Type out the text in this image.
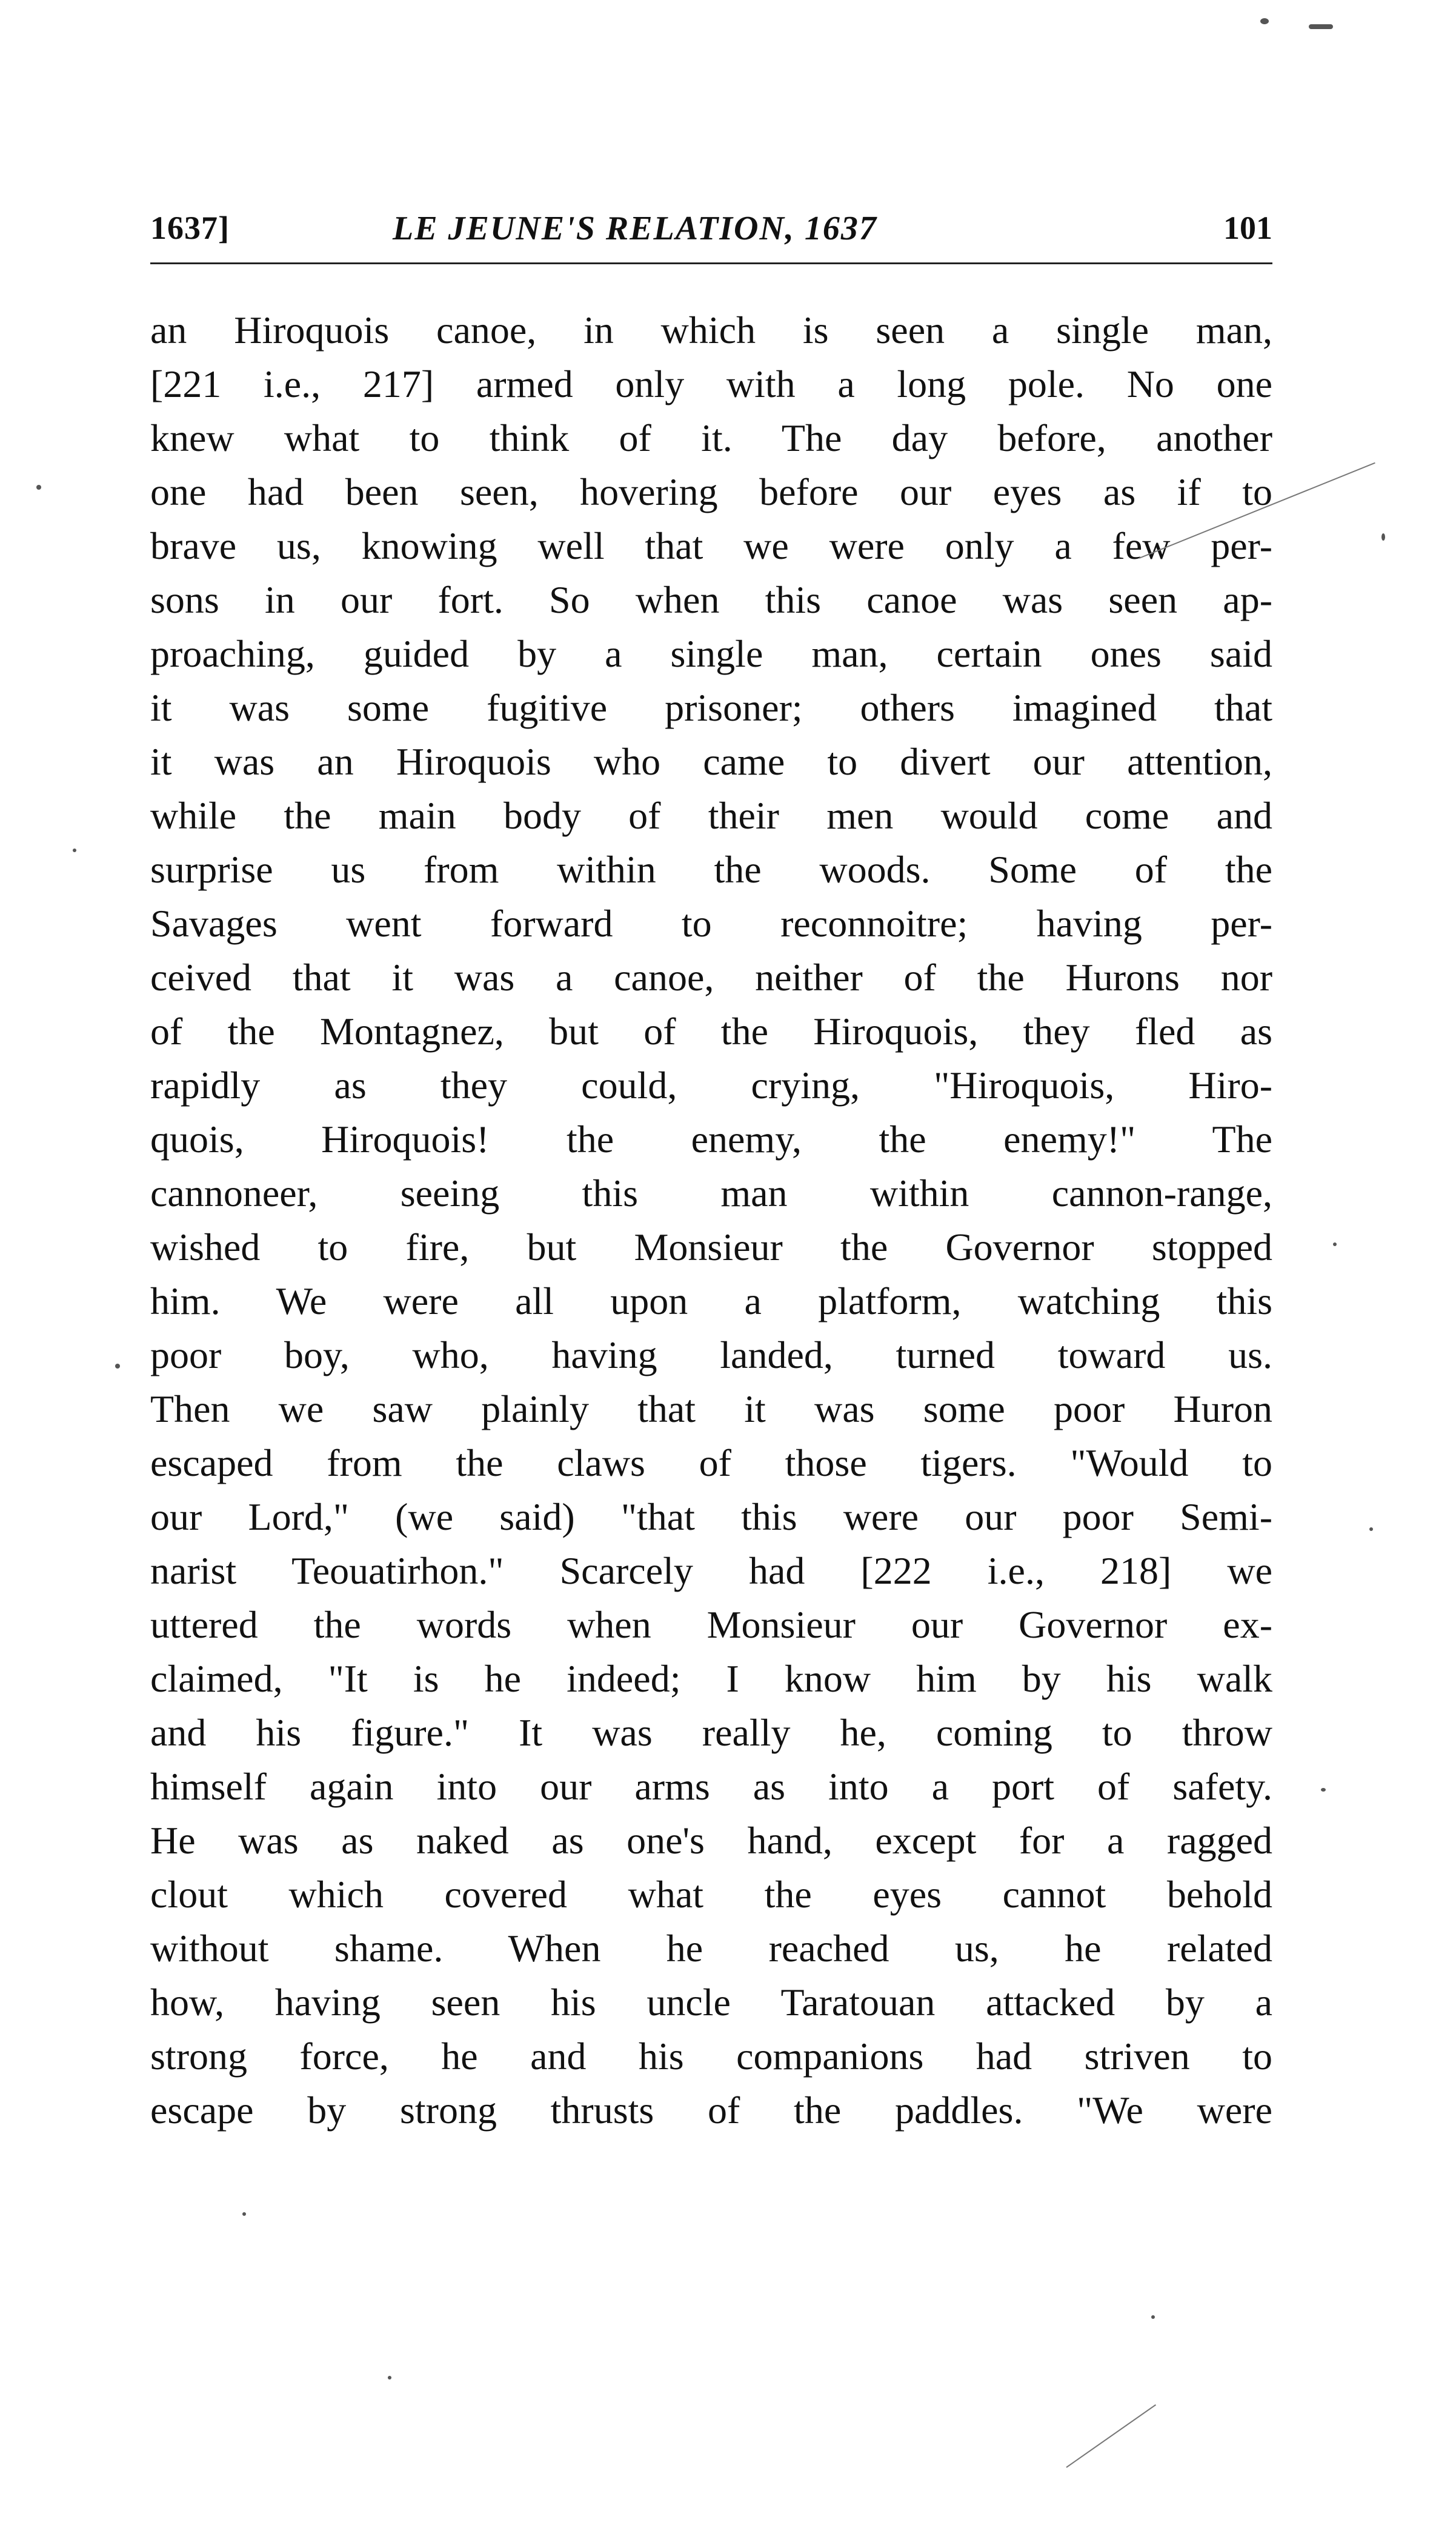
1637]	LE JEUNE'S RELATION, 1637	101
an Hiroquois canoe, in which is seen a single man,
[221 i.e., 217] armed only with a long pole. No one
knew what to think of it. The day before, another
one had been seen, hovering before our eyes as if to
brave us, knowing well that we were only a few per-
sons in our fort. So when this canoe was seen ap-
proaching, guided by a single man, certain ones said
it was some fugitive prisoner; others imagined that
it was an Hiroquois who came to divert our attention,
while the main body of their men would come and
surprise us from within the woods. Some of the
Savages went forward to reconnoitre; having per-
ceived that it was a canoe, neither of the Hurons nor
of the Montagnez, but of the Hiroquois, they fled as
rapidly as they could, crying, "Hiroquois, Hiro-
quois, Hiroquois! the enemy, the enemy!" The
cannoneer, seeing this man within cannon-range,
wished to fire, but Monsieur the Governor stopped
him. We were all upon a platform, watching this
poor boy, who, having landed, turned toward us.
Then we saw plainly that it was some poor Huron
escaped from the claws of those tigers. "Would to
our Lord," (we said) "that this were our poor Semi-
narist Teouatirhon." Scarcely had [222 i.e., 218] we
uttered the words when Monsieur our Governor ex-
claimed, "It is he indeed; I know him by his walk
and his figure." It was really he, coming to throw
himself again into our arms as into a port of safety.
He was as naked as one's hand, except for a ragged
clout which covered what the eyes cannot behold
without shame. When he reached us, he related
how, having seen his uncle Taratouan attacked by a
strong force, he and his companions had striven to
escape by strong thrusts of the paddles. "We were
